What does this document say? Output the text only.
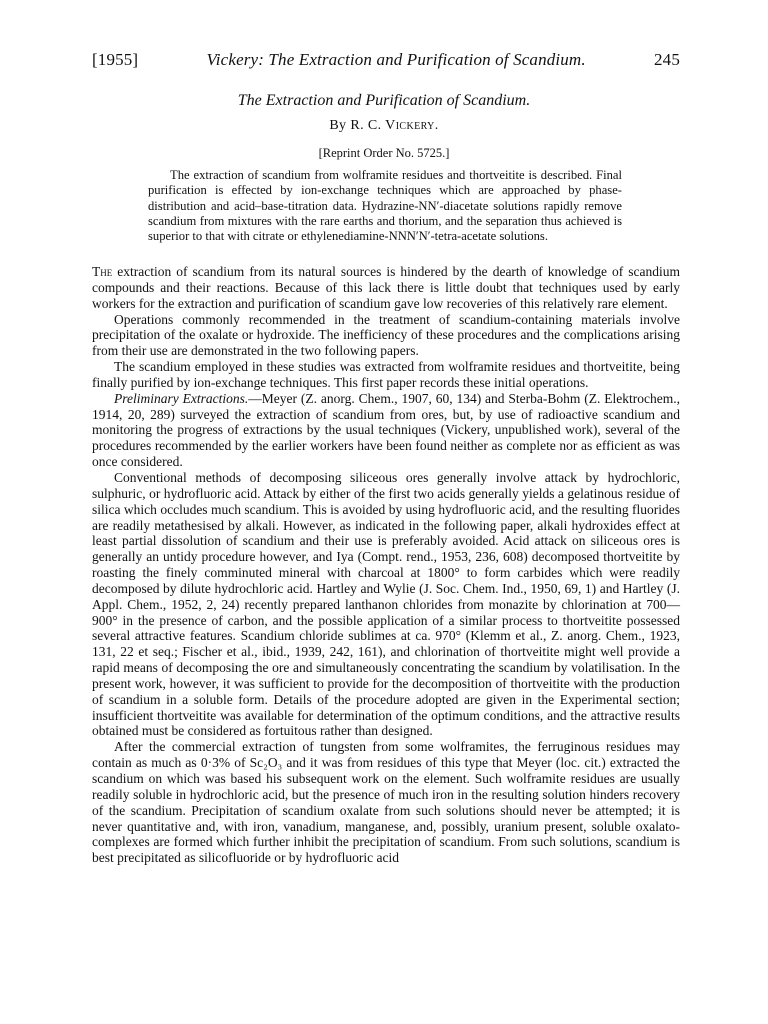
[1955]	Vickery: The Extraction and Purification of Scandium.	245
The Extraction and Purification of Scandium.
By R. C. Vickery.
[Reprint Order No. 5725.]

The extraction of scandium from wolframite residues and thortveitite is described. Final purification is effected by ion-exchange techniques which are approached by phase-distribution and acid–base-titration data. Hydrazine-NN′-diacetate solutions rapidly remove scandium from mixtures with the rare earths and thorium, and the separation thus achieved is superior to that with citrate or ethylenediamine-NNN′N′-tetra-acetate solutions.

The extraction of scandium from its natural sources is hindered by the dearth of knowledge of scandium compounds and their reactions. Because of this lack there is little doubt that techniques used by early workers for the extraction and purification of scandium gave low recoveries of this relatively rare element.

Operations commonly recommended in the treatment of scandium-containing materials involve precipitation of the oxalate or hydroxide. The inefficiency of these procedures and the complications arising from their use are demonstrated in the two following papers.

The scandium employed in these studies was extracted from wolframite residues and thortveitite, being finally purified by ion-exchange techniques. This first paper records these initial operations.

Preliminary Extractions.—Meyer (Z. anorg. Chem., 1907, 60, 134) and Sterba-Bohm (Z. Elektrochem., 1914, 20, 289) surveyed the extraction of scandium from ores, but, by use of radioactive scandium and monitoring the progress of extractions by the usual techniques (Vickery, unpublished work), several of the procedures recommended by the earlier workers have been found neither as complete nor as efficient as was once considered.

Conventional methods of decomposing siliceous ores generally involve attack by hydrochloric, sulphuric, or hydrofluoric acid. Attack by either of the first two acids generally yields a gelatinous residue of silica which occludes much scandium. This is avoided by using hydrofluoric acid, and the resulting fluorides are readily metathesised by alkali. However, as indicated in the following paper, alkali hydroxides effect at least partial dissolution of scandium and their use is preferably avoided. Acid attack on siliceous ores is generally an untidy procedure however, and Iya (Compt. rend., 1953, 236, 608) decomposed thortveitite by roasting the finely comminuted mineral with charcoal at 1800° to form carbides which were readily decomposed by dilute hydrochloric acid. Hartley and Wylie (J. Soc. Chem. Ind., 1950, 69, 1) and Hartley (J. Appl. Chem., 1952, 2, 24) recently prepared lanthanon chlorides from monazite by chlorination at 700—900° in the presence of carbon, and the possible application of a similar process to thortveitite possessed several attractive features. Scandium chloride sublimes at ca. 970° (Klemm et al., Z. anorg. Chem., 1923, 131, 22 et seq.; Fischer et al., ibid., 1939, 242, 161), and chlorination of thortveitite might well provide a rapid means of decomposing the ore and simultaneously concentrating the scandium by volatilisation. In the present work, however, it was sufficient to provide for the decomposition of thortveitite with the production of scandium in a soluble form. Details of the procedure adopted are given in the Experimental section; insufficient thortveitite was available for determination of the optimum conditions, and the attractive results obtained must be considered as fortuitous rather than designed.

After the commercial extraction of tungsten from some wolframites, the ferruginous residues may contain as much as 0·3% of Sc₂O₃ and it was from residues of this type that Meyer (loc. cit.) extracted the scandium on which was based his subsequent work on the element. Such wolframite residues are usually readily soluble in hydrochloric acid, but the presence of much iron in the resulting solution hinders recovery of the scandium. Precipitation of scandium oxalate from such solutions should never be attempted; it is never quantitative and, with iron, vanadium, manganese, and, possibly, uranium present, soluble oxalato-complexes are formed which further inhibit the precipitation of scandium. From such solutions, scandium is best precipitated as silicofluoride or by hydrofluoric acid
